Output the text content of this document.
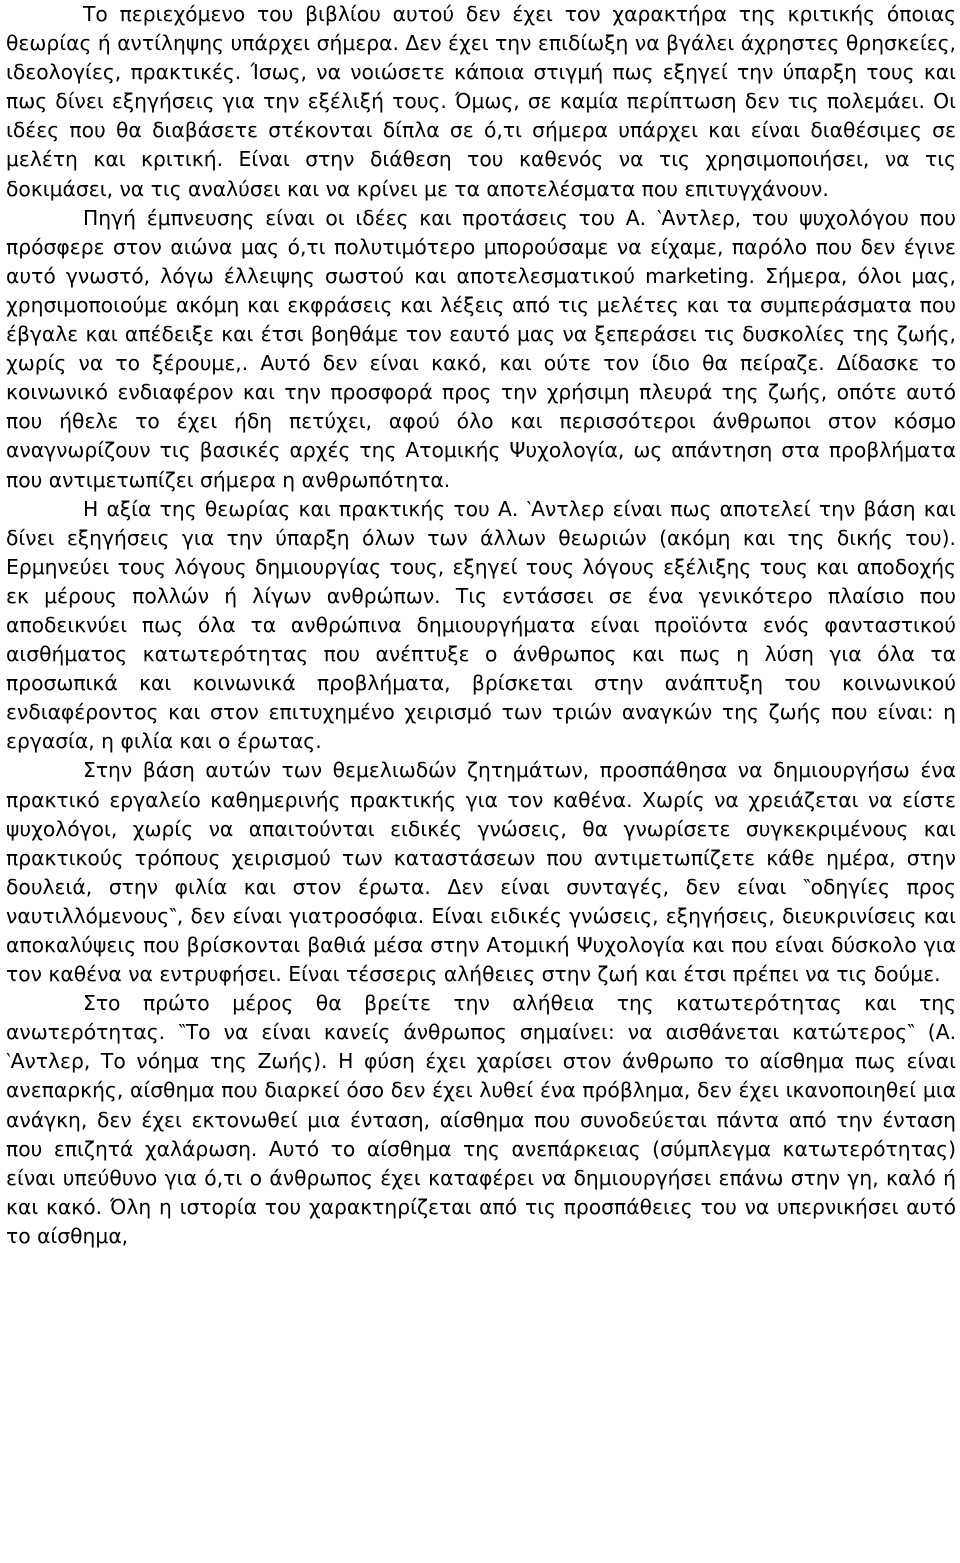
Το περιεχόμενο του βιβλίου αυτού δεν έχει τον χαρακτήρα της κριτικής όποιας θεωρίας ή αντίληψης υπάρχει σήμερα. Δεν έχει την επιδίωξη να βγάλει άχρηστες θρησκείες, ιδεολογίες, πρακτικές. Ίσως, να νοιώσετε κάποια στιγμή πως εξηγεί την ύπαρξη τους και πως δίνει εξηγήσεις για την εξέλιξή τους. Όμως, σε καμία περίπτωση δεν τις πολεμάει. Οι ιδέες που θα διαβάσετε στέκονται δίπλα σε ό,τι σήμερα υπάρχει και είναι διαθέσιμες σε μελέτη και κριτική. Είναι στην διάθεση του καθενός να τις χρησιμοποιήσει, να τις δοκιμάσει, να τις αναλύσει και να κρίνει με τα αποτελέσματα που επιτυγχάνουν.

Πηγή έμπνευσης είναι οι ιδέες και προτάσεις του Α. ‵Αντλερ, του ψυχολόγου που πρόσφερε στον αιώνα μας ό,τι πολυτιμότερο μπορούσαμε να είχαμε, παρόλο που δεν έγινε αυτό γνωστό, λόγω έλλειψης σωστού και αποτελεσματικού marketing. Σήμερα, όλοι μας, χρησιμοποιούμε ακόμη και εκφράσεις και λέξεις από τις μελέτες και τα συμπεράσματα που έβγαλε και απέδειξε και έτσι βοηθάμε τον εαυτό μας να ξεπεράσει τις δυσκολίες της ζωής, χωρίς να το ξέρουμε,. Αυτό δεν είναι κακό, και ούτε τον ίδιο θα πείραζε. Δίδασκε το κοινωνικό ενδιαφέρον και την προσφορά προς την χρήσιμη πλευρά της ζωής, οπότε αυτό που ήθελε το έχει ήδη πετύχει, αφού όλο και περισσότεροι άνθρωποι στον κόσμο αναγνωρίζουν τις βασικές αρχές της Ατομικής Ψυχολογία, ως απάντηση στα προβλήματα που αντιμετωπίζει σήμερα η ανθρωπότητα.

Η αξία της θεωρίας και πρακτικής του Α. ‵Αντλερ είναι πως αποτελεί την βάση και δίνει εξηγήσεις για την ύπαρξη όλων των άλλων θεωριών (ακόμη και της δικής του). Ερμηνεύει τους λόγους δημιουργίας τους, εξηγεί τους λόγους εξέλιξης τους και αποδοχής εκ μέρους πολλών ή λίγων ανθρώπων. Τις εντάσσει σε ένα γενικότερο πλαίσιο που αποδεικνύει πως όλα τα ανθρώπινα δημιουργήματα είναι προϊόντα ενός φανταστικού αισθήματος κατωτερότητας που ανέπτυξε ο άνθρωπος και πως η λύση για όλα τα προσωπικά και κοινωνικά προβλήματα, βρίσκεται στην ανάπτυξη του κοινωνικού ενδιαφέροντος και στον επιτυχημένο χειρισμό των τριών αναγκών της ζωής που είναι: η εργασία, η φιλία και ο έρωτας.

Στην βάση αυτών των θεμελιωδών ζητημάτων, προσπάθησα να δημιουργήσω ένα πρακτικό εργαλείο καθημερινής πρακτικής για τον καθένα. Χωρίς να χρειάζεται να είστε ψυχολόγοι, χωρίς να απαιτούνται ειδικές γνώσεις, θα γνωρίσετε συγκεκριμένους και πρακτικούς τρόπους χειρισμού των καταστάσεων που αντιμετωπίζετε κάθε ημέρα, στην δουλειά, στην φιλία και στον έρωτα. Δεν είναι συνταγές, δεν είναι ‶οδηγίες προς ναυτιλλόμενους‶, δεν είναι γιατροσόφια. Είναι ειδικές γνώσεις, εξηγήσεις, διευκρινίσεις και αποκαλύψεις που βρίσκονται βαθιά μέσα στην Ατομική Ψυχολογία και που είναι δύσκολο για τον καθένα να εντρυφήσει. Είναι τέσσερις αλήθειες στην ζωή και έτσι πρέπει να τις δούμε.

Στο πρώτο μέρος θα βρείτε την αλήθεια της κατωτερότητας και της ανωτερότητας. ‶Το να είναι κανείς άνθρωπος σημαίνει: να αισθάνεται κατώτερος‶ (Α. ‵Αντλερ, Το νόημα της Ζωής). Η φύση έχει χαρίσει στον άνθρωπο το αίσθημα πως είναι ανεπαρκής, αίσθημα που διαρκεί όσο δεν έχει λυθεί ένα πρόβλημα, δεν έχει ικανοποιηθεί μια ανάγκη, δεν έχει εκτονωθεί μια ένταση, αίσθημα που συνοδεύεται πάντα από την ένταση που επιζητά χαλάρωση. Αυτό το αίσθημα της ανεπάρκειας (σύμπλεγμα κατωτερότητας) είναι υπεύθυνο για ό,τι ο άνθρωπος έχει καταφέρει να δημιουργήσει επάνω στην γη, καλό ή και κακό. Όλη η ιστορία του χαρακτηρίζεται από τις προσπάθειες του να υπερνικήσει αυτό το αίσθημα,
